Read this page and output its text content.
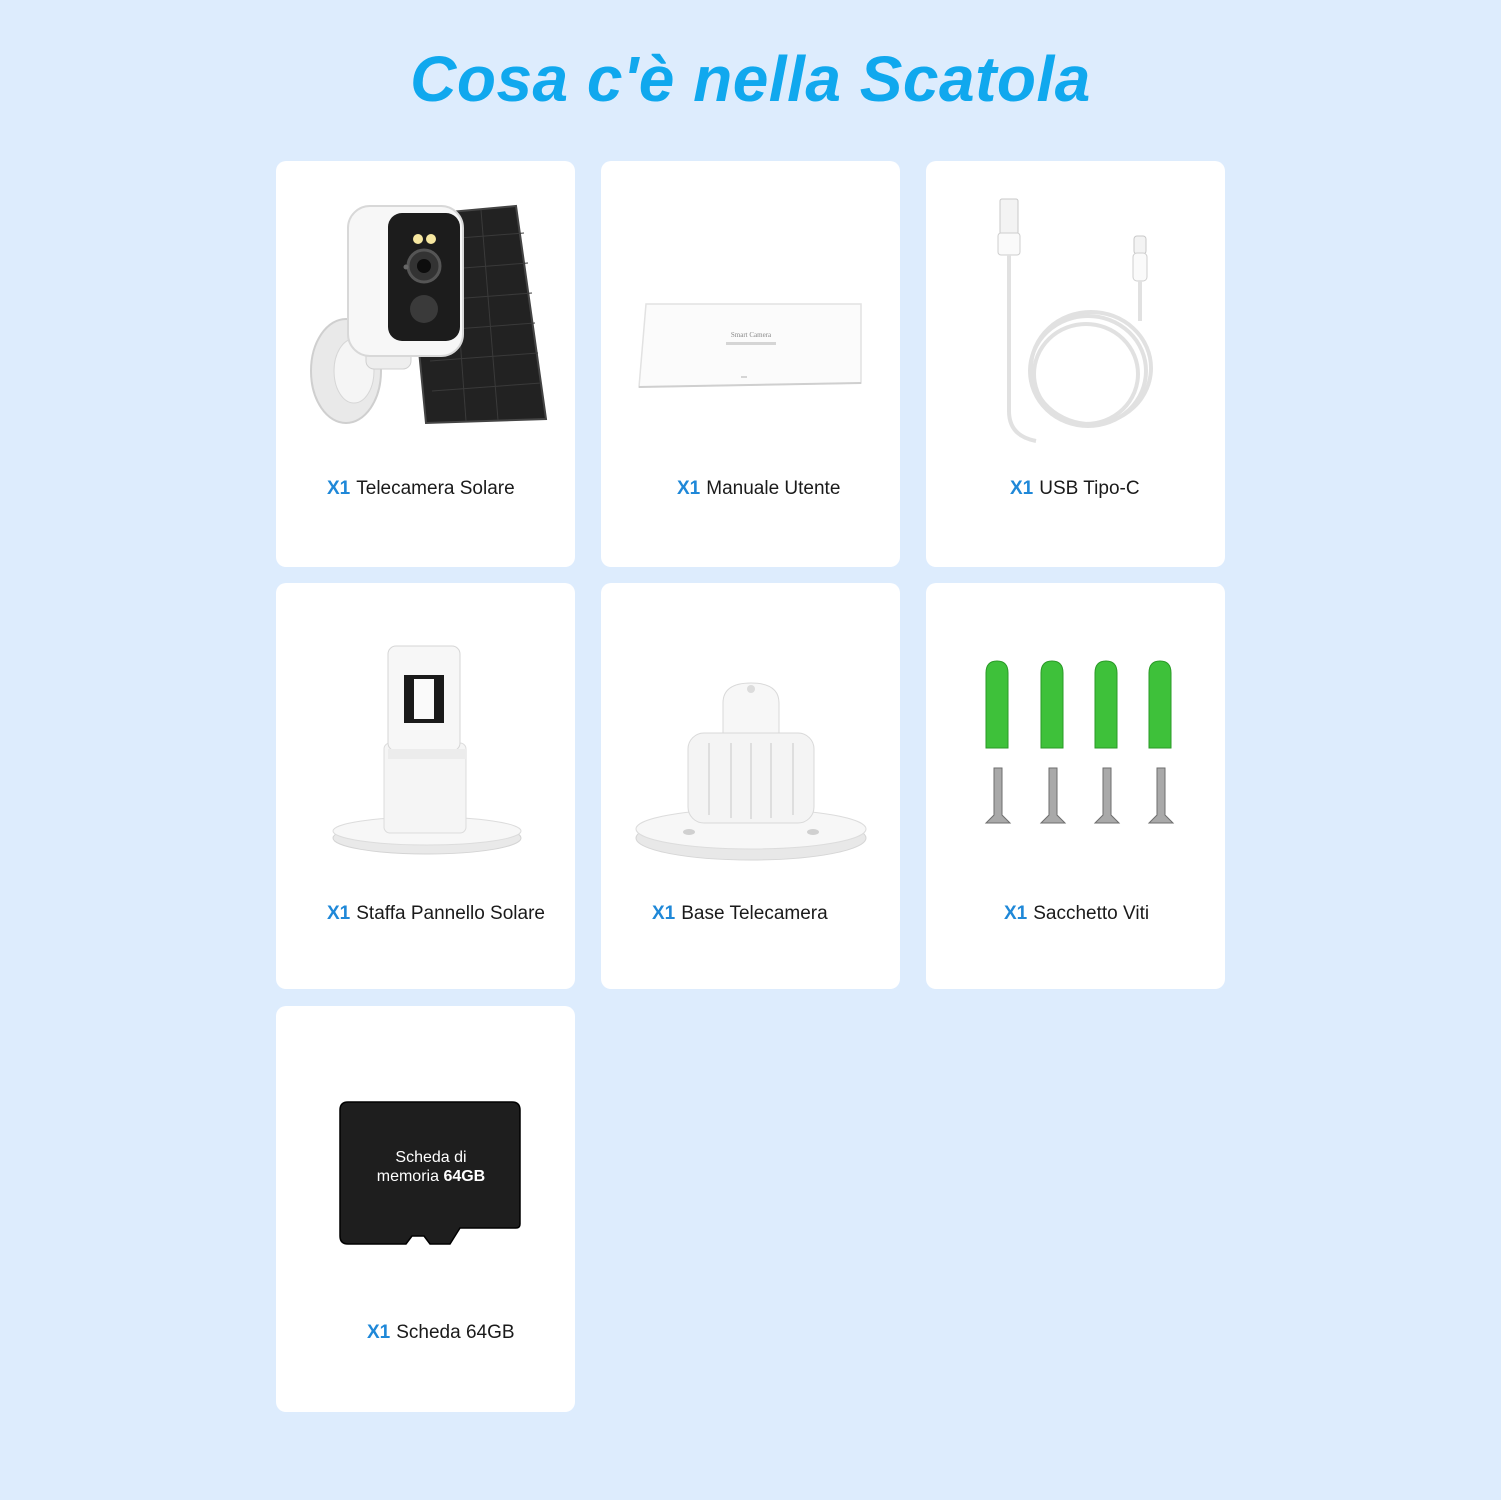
Cosa c'è nella Scatola
X1 Telecamera Solare
Smart Camera
X1 Manuale Utente	X1 USB Tipo-C
X1 Staffa Pannello Solare	X1 Base Telecamera	X1 Sacchetto Viti
X1 Scheda 64GB
Scheda di
memoria 64GB
